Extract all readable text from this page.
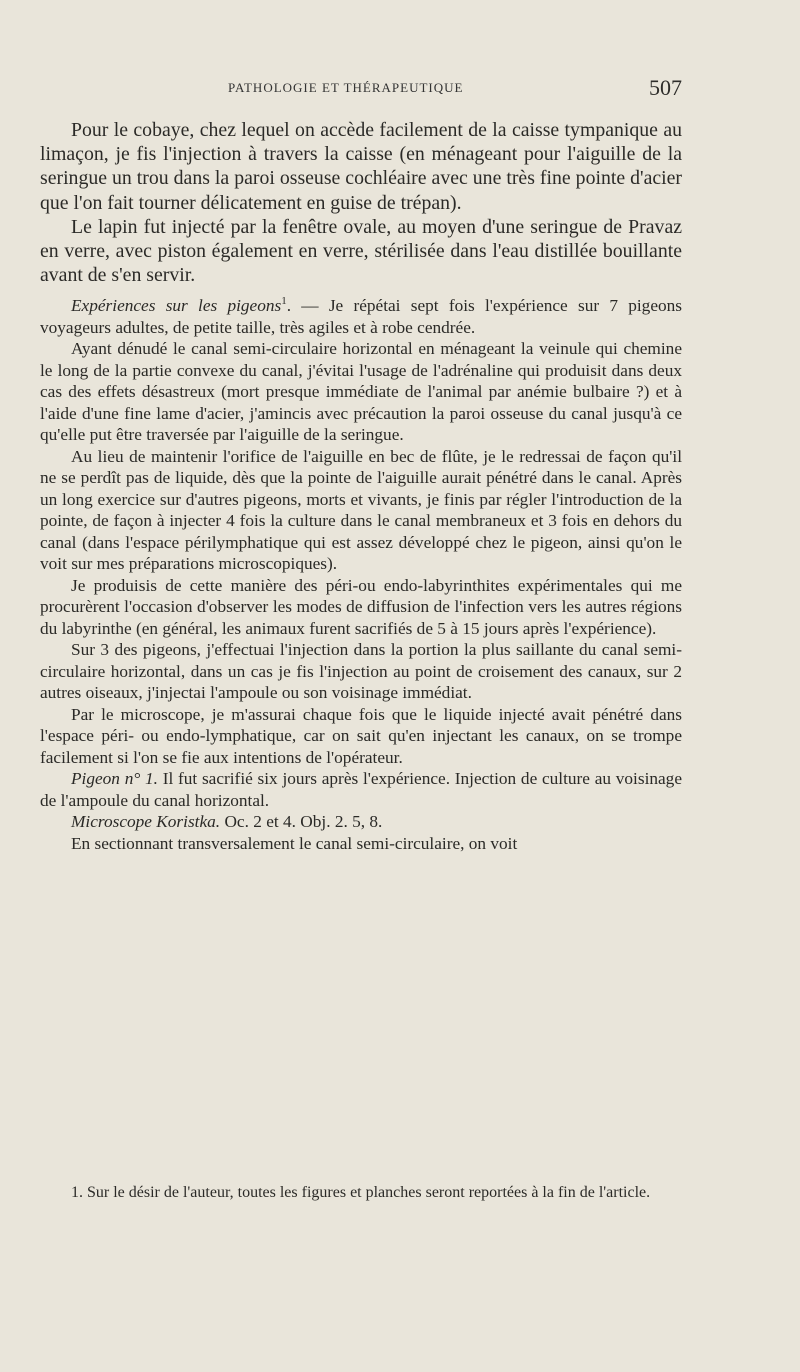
PATHOLOGIE ET THÉRAPEUTIQUE	507

Pour le cobaye, chez lequel on accède facilement de la caisse tympanique au limaçon, je fis l'injection à travers la caisse (en ménageant pour l'aiguille de la seringue un trou dans la paroi osseuse cochléaire avec une très fine pointe d'acier que l'on fait tourner délicatement en guise de trépan).

Le lapin fut injecté par la fenêtre ovale, au moyen d'une seringue de Pravaz en verre, avec piston également en verre, stérilisée dans l'eau distillée bouillante avant de s'en servir.

Expériences sur les pigeons$^1$. — Je répétai sept fois l'expérience sur 7 pigeons voyageurs adultes, de petite taille, très agiles et à robe cendrée.

Ayant dénudé le canal semi-circulaire horizontal en ménageant la veinule qui chemine le long de la partie convexe du canal, j'évitai l'usage de l'adrénaline qui produisit dans deux cas des effets désastreux (mort presque immédiate de l'animal par anémie bulbaire ?) et à l'aide d'une fine lame d'acier, j'amincis avec précaution la paroi osseuse du canal jusqu'à ce qu'elle put être traversée par l'aiguille de la seringue.

Au lieu de maintenir l'orifice de l'aiguille en bec de flûte, je le redressai de façon qu'il ne se perdît pas de liquide, dès que la pointe de l'aiguille aurait pénétré dans le canal. Après un long exercice sur d'autres pigeons, morts et vivants, je finis par régler l'introduction de la pointe, de façon à injecter 4 fois la culture dans le canal membraneux et 3 fois en dehors du canal (dans l'espace périlymphatique qui est assez développé chez le pigeon, ainsi qu'on le voit sur mes préparations microscopiques).

Je produisis de cette manière des péri-ou endo-labyrinthites expérimentales qui me procurèrent l'occasion d'observer les modes de diffusion de l'infection vers les autres régions du labyrinthe (en général, les animaux furent sacrifiés de 5 à 15 jours après l'expérience).

Sur 3 des pigeons, j'effectuai l'injection dans la portion la plus saillante du canal semi-circulaire horizontal, dans un cas je fis l'injection au point de croisement des canaux, sur 2 autres oiseaux, j'injectai l'ampoule ou son voisinage immédiat.

Par le microscope, je m'assurai chaque fois que le liquide injecté avait pénétré dans l'espace péri- ou endo-lymphatique, car on sait qu'en injectant les canaux, on se trompe facilement si l'on se fie aux intentions de l'opérateur.

Pigeon n° 1. Il fut sacrifié six jours après l'expérience. Injection de culture au voisinage de l'ampoule du canal horizontal.

Microscope Koristka. Oc. 2 et 4. Obj. 2. 5, 8.

En sectionnant transversalement le canal semi-circulaire, on voit

1. Sur le désir de l'auteur, toutes les figures et planches seront reportées à la fin de l'article.
